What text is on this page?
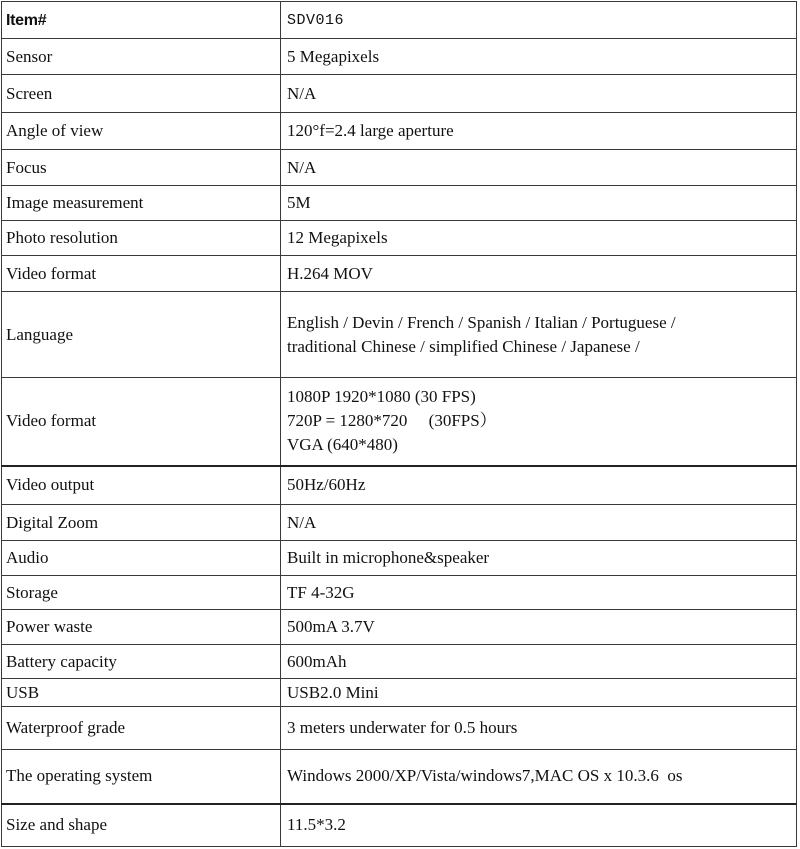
Item#	SDV016
Sensor	5 Megapixels

Screen	N/A

Angle of view	120°f=2.4 large aperture

Focus	N/A

Image measurement	5M

Photo resolution	12 Megapixels

Video format	H.264 MOV

Language	English / Devin / French / Spanish / Italian / Portuguese /
traditional Chinese / simplified Chinese / Japanese /

Video format	1080P 1920*1080 (30 FPS)
720P = 1280*720 　(30FPS）
VGA (640*480)

Video output	50Hz/60Hz

Digital Zoom	N/A

Audio	Built in microphone&speaker

Storage	TF 4-32G

Power waste	500mA 3.7V

Battery capacity	600mAh

USB	USB2.0 Mini

Waterproof grade	3 meters underwater for 0.5 hours

The operating system	Windows 2000/XP/Vista/windows7,MAC OS x 10.3.6  os

Size and shape	11.5*3.2
